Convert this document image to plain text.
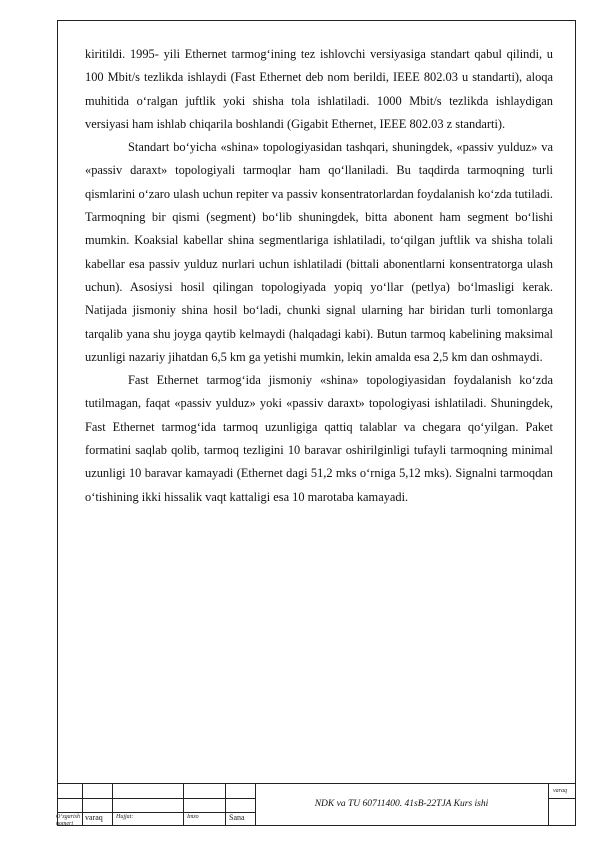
kiritildi. 1995- yili Ethernet tarmog‘ining tez ishlovchi versiyasiga standart qabul qilindi, u 100 Mbit/s tezlikda ishlaydi (Fast Ethernet deb nom berildi, IEEE 802.03 u standarti), aloqa muhitida o‘ralgan juftlik yoki shisha tola ishlatiladi. 1000 Mbit/s tezlikda ishlaydigan versiyasi ham ishlab chiqarila boshlandi (Gigabit Ethernet, IEEE 802.03 z standarti).

Standart bo‘yicha «shina» topologiyasidan tashqari, shuningdek, «passiv yulduz» va «passiv daraxt» topologiyali tarmoqlar ham qo‘llaniladi. Bu taqdirda tarmoqning turli qismlarini o‘zaro ulash uchun repiter va passiv konsentratorlardan foydalanish ko‘zda tutiladi. Tarmoqning bir qismi (segment) bo‘lib shuningdek, bitta abonent ham segment bo‘lishi mumkin. Koaksial kabellar shina segmentlariga ishlatiladi, to‘qilgan juftlik va shisha tolali kabellar esa passiv yulduz nurlari uchun ishlatiladi (bittali abonentlarni konsentratorga ulash uchun). Asosiysi hosil qilingan topologiyada yopiq yo‘llar (petlya) bo‘lmasligi kerak. Natijada jismoniy shina hosil bo‘ladi, chunki signal ularning har biridan turli tomonlarga tarqalib yana shu joyga qaytib kelmaydi (halqadagi kabi). Butun tarmoq kabelining maksimal uzunligi nazariy jihatdan 6,5 km ga yetishi mumkin, lekin amalda esa 2,5 km dan oshmaydi.

Fast Ethernet tarmog‘ida jismoniy «shina» topologiyasidan foydalanish ko‘zda tutilmagan, faqat «passiv yulduz» yoki «passiv daraxt» topologiyasi ishlatiladi. Shuningdek, Fast Ethernet tarmog‘ida tarmoq uzunligiga qattiq talablar va chegara qo‘yilgan. Paket formatini saqlab qolib, tarmoq tezligini 10 baravar oshirilginligi tufayli tarmoqning minimal uzunligi 10 baravar kamayadi (Ethernet dagi 51,2 mks o‘rniga 5,12 mks). Signalni tarmoqdan o‘tishining ikki hissalik vaqt kattaligi esa 10 marotaba kamayadi.

O‘zgarish
nomeri
varaq Hujjat:	Imzo	Sana
NDK va TU 60711400. 41sB-22TJA Kurs ishi
varaq
